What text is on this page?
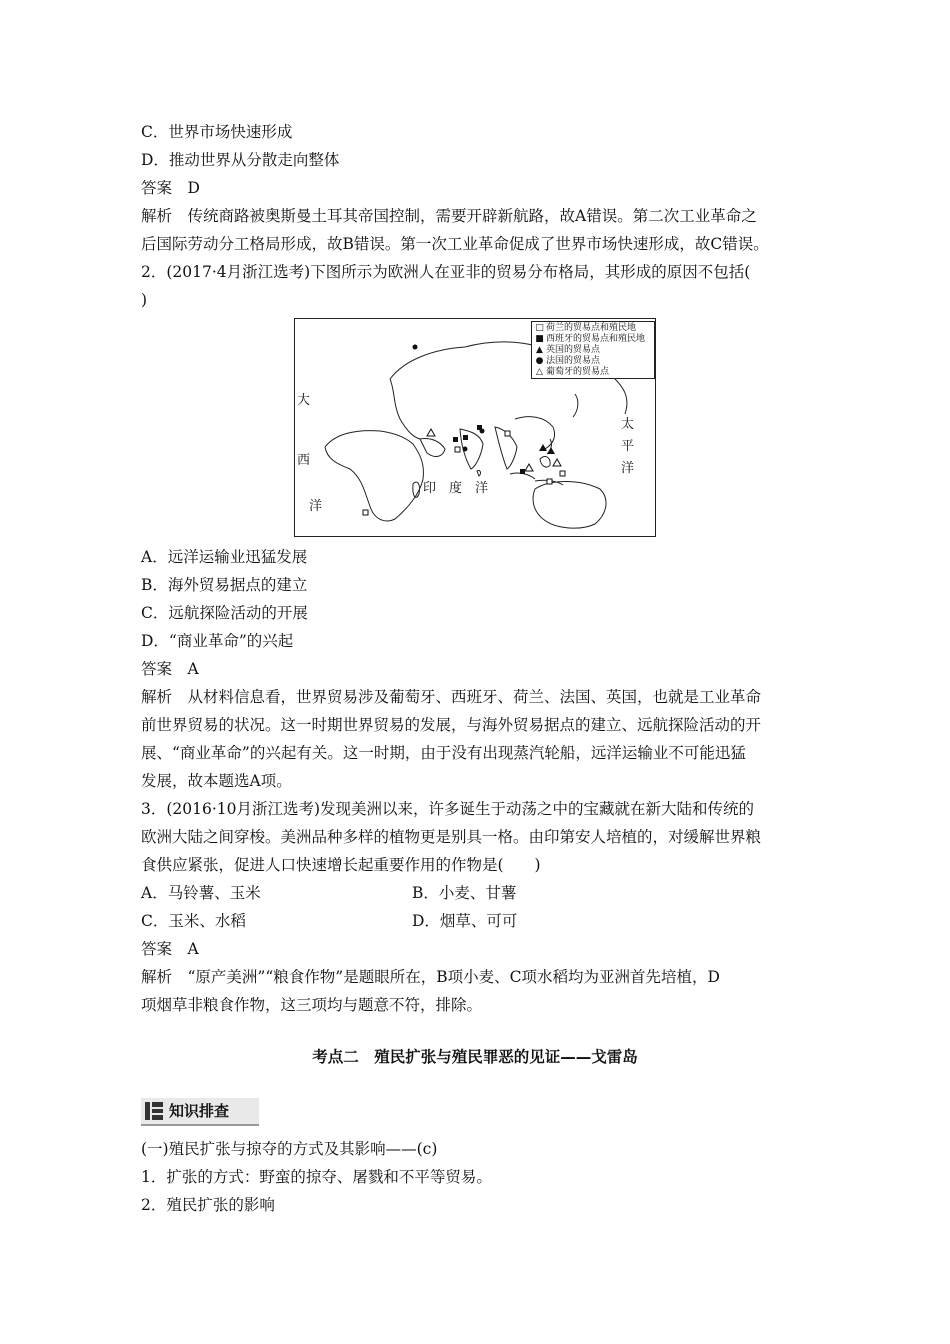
C．世界市场快速形成
D．推动世界从分散走向整体
答案　D
解析　传统商路被奥斯曼土耳其帝国控制，需要开辟新航路，故A错误。第二次工业革命之
后国际劳动分工格局形成，故B错误。第一次工业革命促成了世界市场快速形成，故C错误。
2．(2017·4月浙江选考)下图所示为欧洲人在亚非的贸易分布格局，其形成的原因不包括(
)
□ 荷兰的贸易点和殖民地
■ 西班牙的贸易点和殖民地
▲ 英国的贸易点
● 法国的贸易点
△ 葡萄牙的贸易点
大
西
洋
印　度　洋
太
平
洋
A．远洋运输业迅猛发展
B．海外贸易据点的建立
C．远航探险活动的开展
D．“商业革命”的兴起
答案　A
解析　从材料信息看，世界贸易涉及葡萄牙、西班牙、荷兰、法国、英国，也就是工业革命
前世界贸易的状况。这一时期世界贸易的发展，与海外贸易据点的建立、远航探险活动的开
展、“商业革命”的兴起有关。这一时期，由于没有出现蒸汽轮船，远洋运输业不可能迅猛
发展，故本题选A项。
3．(2016·10月浙江选考)发现美洲以来，许多诞生于动荡之中的宝藏就在新大陆和传统的
欧洲大陆之间穿梭。美洲品种多样的植物更是别具一格。由印第安人培植的，对缓解世界粮
食供应紧张，促进人口快速增长起重要作用的作物是(　　)
A．马铃薯、玉米	B．小麦、甘薯
C．玉米、水稻	D．烟草、可可
答案　A
解析　“原产美洲”“粮食作物”是题眼所在，B项小麦、C项水稻均为亚洲首先培植，D
项烟草非粮食作物，这三项均与题意不符，排除。
考点二　殖民扩张与殖民罪恶的见证——戈雷岛
知识排查
(一)殖民扩张与掠夺的方式及其影响——(c)
1．扩张的方式：野蛮的掠夺、屠戮和不平等贸易。
2．殖民扩张的影响
